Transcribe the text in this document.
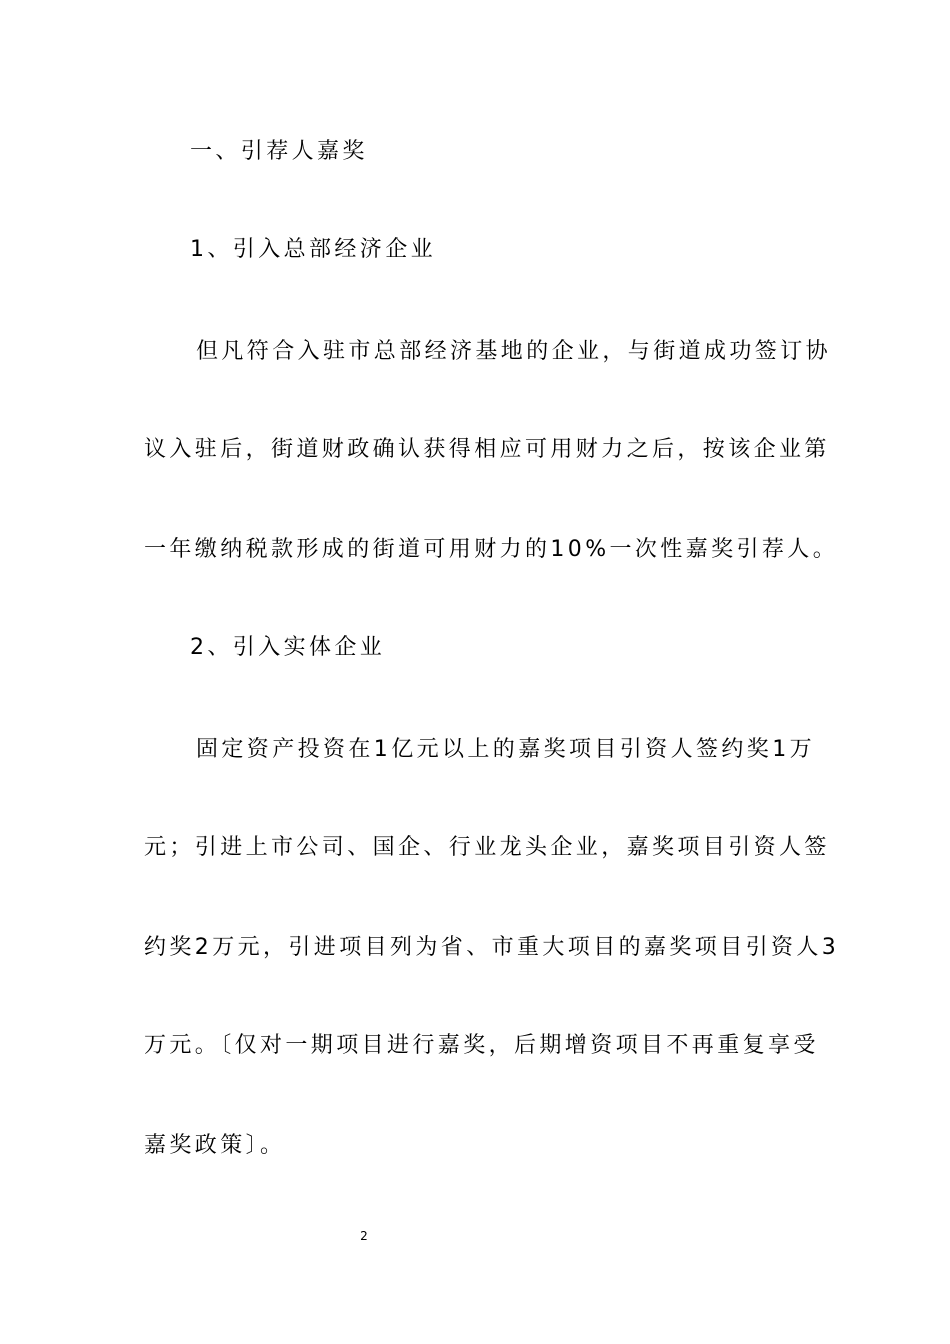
一、引荐人嘉奖
1、引入总部经济企业
但凡符合入驻市总部经济基地的企业，与街道成功签订协
议入驻后，街道财政确认获得相应可用财力之后，按该企业第
一年缴纳税款形成的街道可用财力的10%一次性嘉奖引荐人。
2、引入实体企业
固定资产投资在1亿元以上的嘉奖项目引资人签约奖1万
元；引进上市公司、国企、行业龙头企业，嘉奖项目引资人签
约奖2万元，引进项目列为省、市重大项目的嘉奖项目引资人3
万元。〔仅对一期项目进行嘉奖，后期增资项目不再重复享受
嘉奖政策〕。
2
